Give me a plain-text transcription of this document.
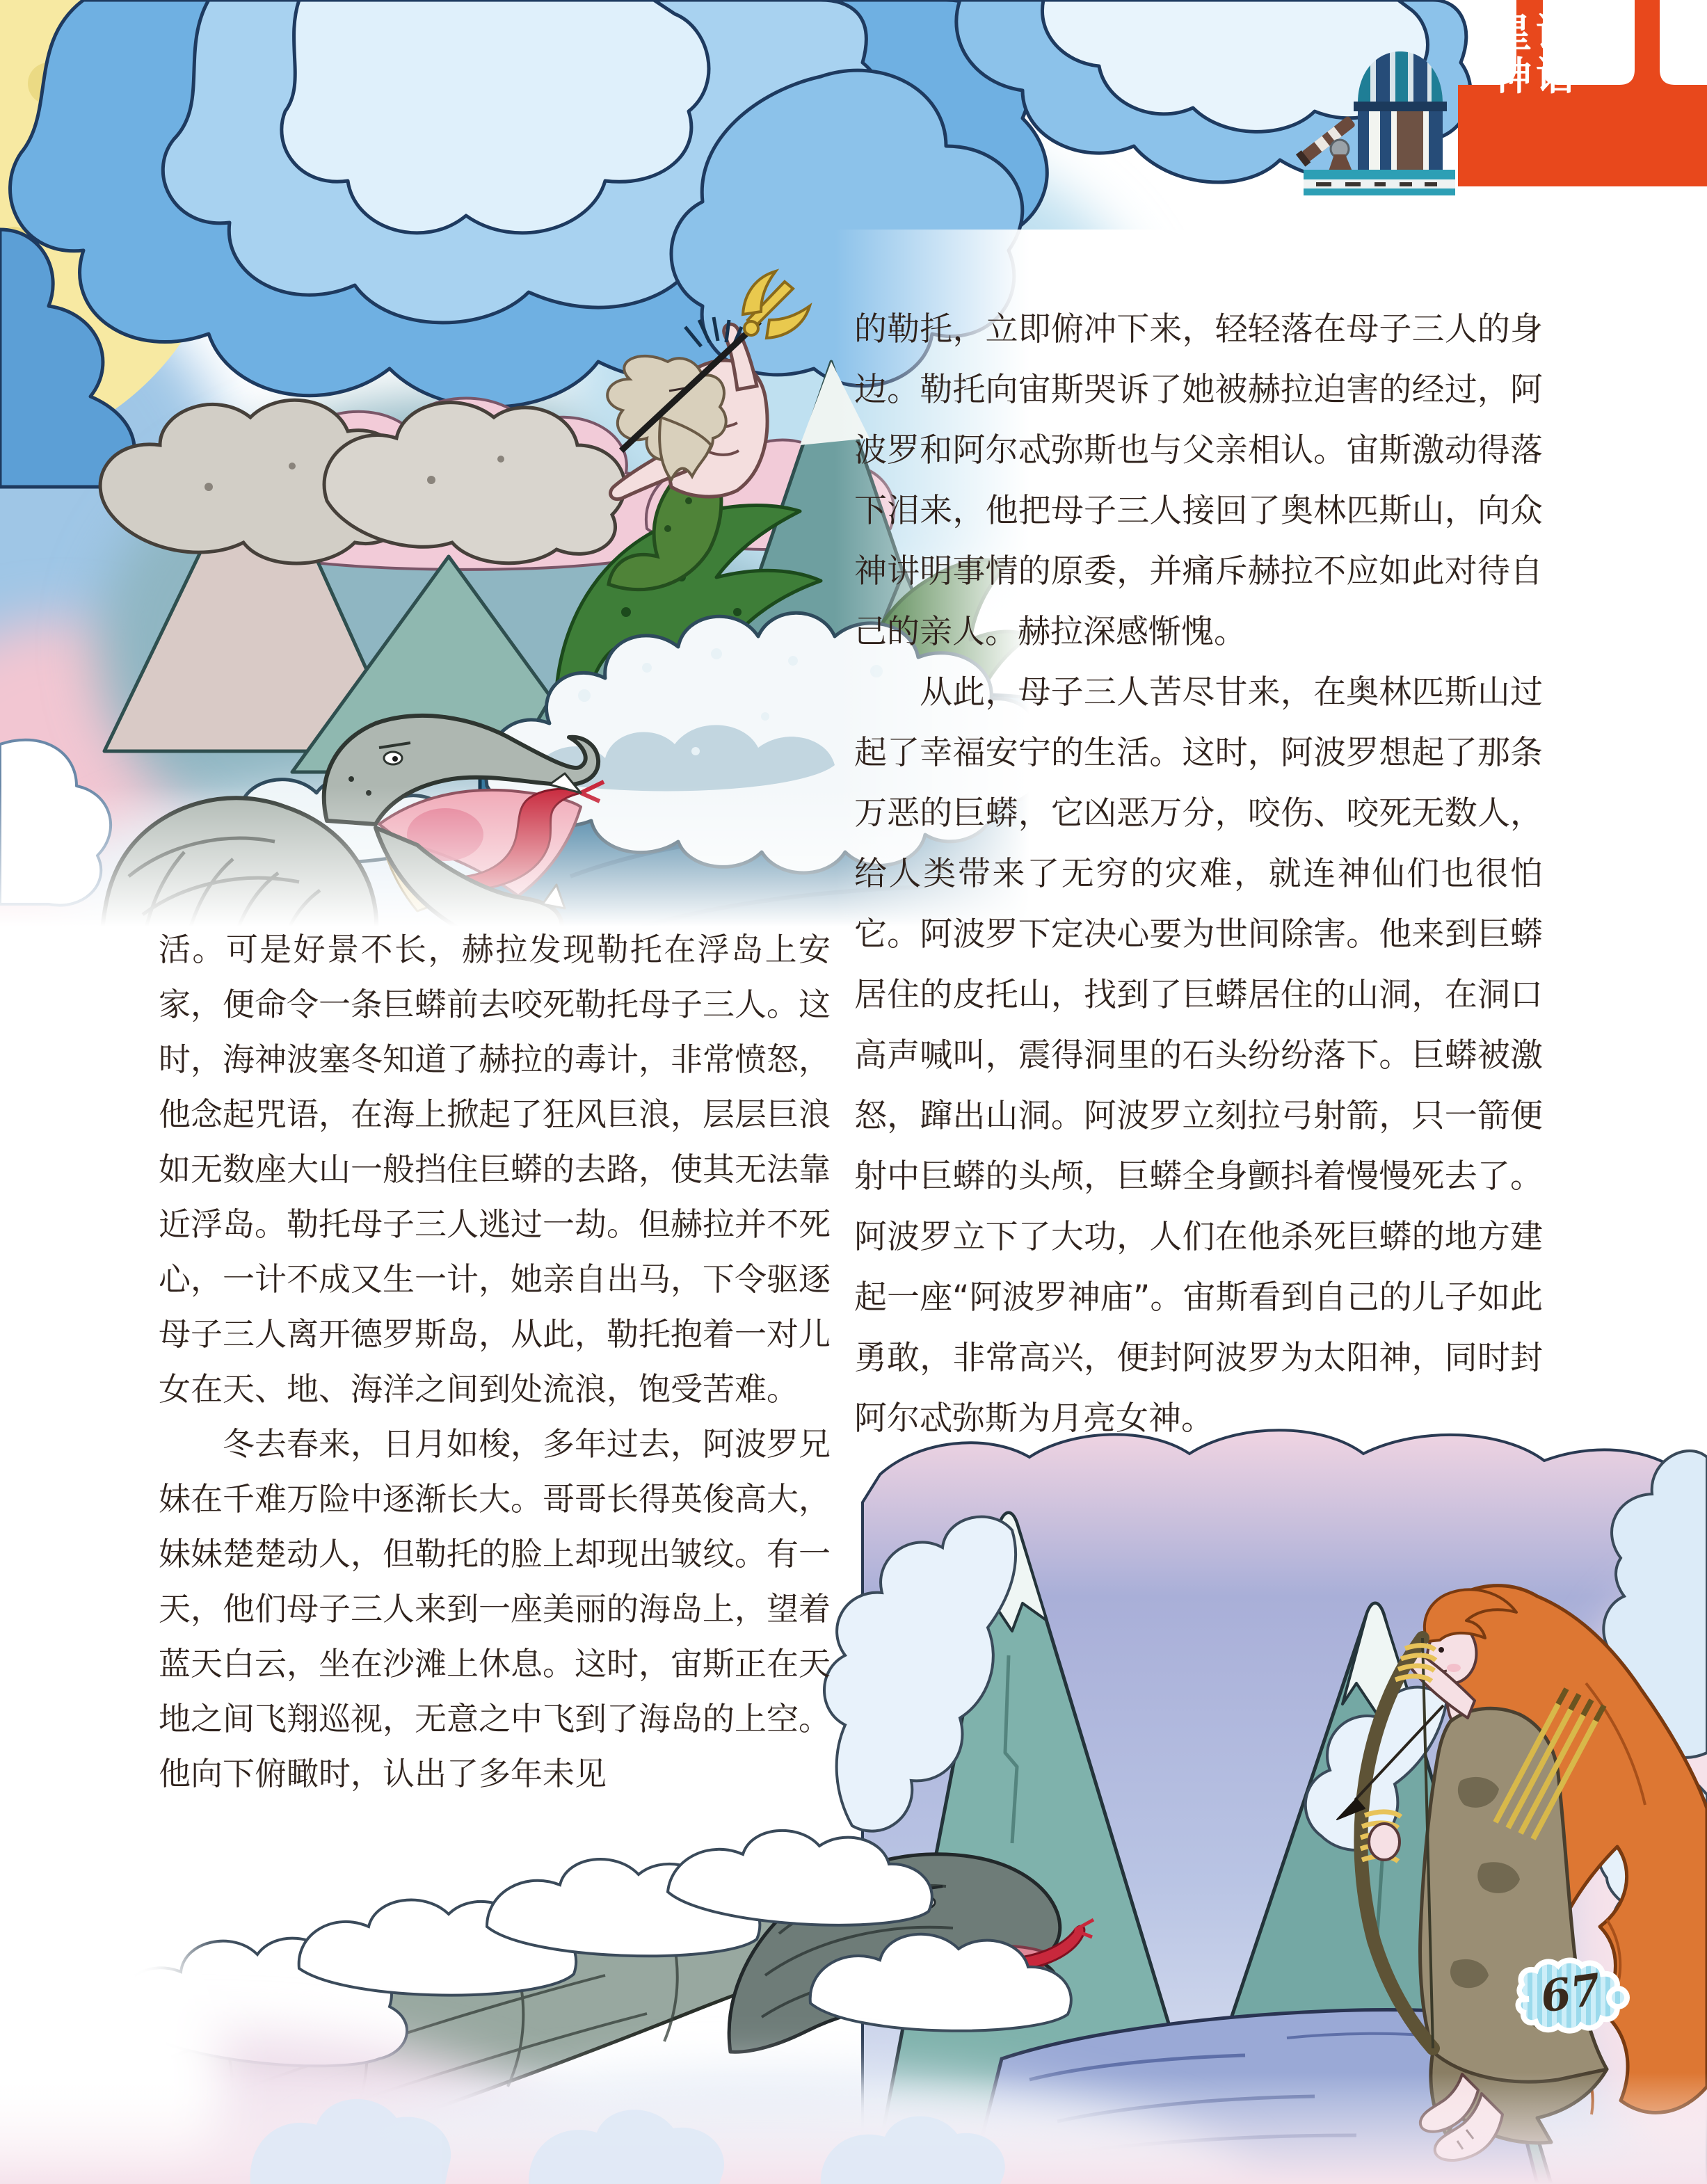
星话
神话

活。可是好景不长，赫拉发现勒托在浮岛上安家，便命令一条巨蟒前去咬死勒托母子三人。这时，海神波塞冬知道了赫拉的毒计，非常愤怒，他念起咒语，在海上掀起了狂风巨浪，层层巨浪如无数座大山一般挡住巨蟒的去路，使其无法靠近浮岛。勒托母子三人逃过一劫。但赫拉并不死心，一计不成又生一计，她亲自出马，下令驱逐母子三人离开德罗斯岛，从此，勒托抱着一对儿女在天、地、海洋之间到处流浪，饱受苦难。

冬去春来，日月如梭，多年过去，阿波罗兄妹在千难万险中逐渐长大。哥哥长得英俊高大，妹妹楚楚动人，但勒托的脸上却现出皱纹。有一天，他们母子三人来到一座美丽的海岛上，望着蓝天白云，坐在沙滩上休息。这时，宙斯正在天地之间飞翔巡视，无意之中飞到了海岛的上空。他向下俯瞰时，认出了多年未见

的勒托，立即俯冲下来，轻轻落在母子三人的身边。勒托向宙斯哭诉了她被赫拉迫害的经过，阿波罗和阿尔忒弥斯也与父亲相认。宙斯激动得落下泪来，他把母子三人接回了奥林匹斯山，向众神讲明事情的原委，并痛斥赫拉不应如此对待自己的亲人。赫拉深感惭愧。

从此，母子三人苦尽甘来，在奥林匹斯山过起了幸福安宁的生活。这时，阿波罗想起了那条万恶的巨蟒，它凶恶万分，咬伤、咬死无数人，给人类带来了无穷的灾难，就连神仙们也很怕它。阿波罗下定决心要为世间除害。他来到巨蟒居住的皮托山，找到了巨蟒居住的山洞，在洞口高声喊叫，震得洞里的石头纷纷落下。巨蟒被激怒，蹿出山洞。阿波罗立刻拉弓射箭，只一箭便射中巨蟒的头颅，巨蟒全身颤抖着慢慢死去了。阿波罗立下了大功，人们在他杀死巨蟒的地方建起一座“阿波罗神庙”。宙斯看到自己的儿子如此勇敢，非常高兴，便封阿波罗为太阳神，同时封阿尔忒弥斯为月亮女神。

67
